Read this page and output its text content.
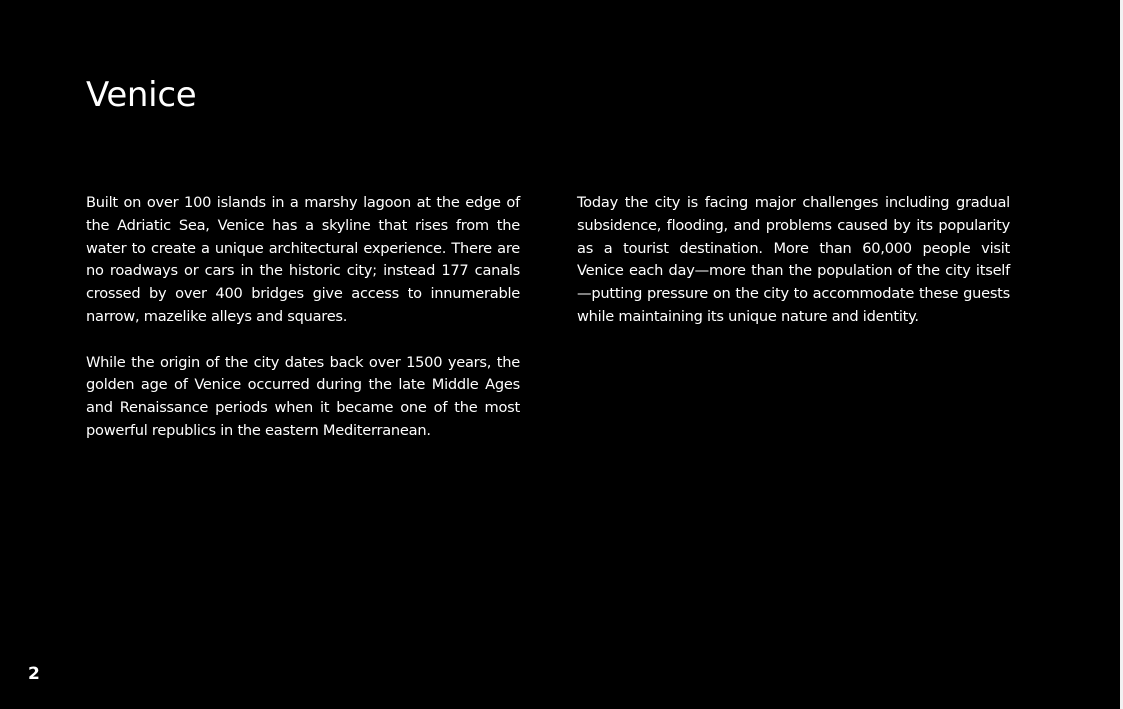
Venice

Built on over 100 islands in a marshy lagoon at the edge of the Adriatic Sea, Venice has a skyline that rises from the water to create a unique architectural experience. There are no roadways or cars in the historic city; instead 177 canals crossed by over 400 bridges give access to innumerable narrow, mazelike alleys and squares.

While the origin of the city dates back over 1500 years, the golden age of Venice occurred during the late Middle Ages and Renaissance periods when it became one of the most powerful republics in the eastern Mediterranean.

Today the city is facing major challenges including gradual subsidence, flooding, and problems caused by its popularity as a tourist destination. More than 60,000 people visit Venice each day—more than the population of the city itself—putting pressure on the city to accommodate these guests while maintaining its unique nature and identity.

2
